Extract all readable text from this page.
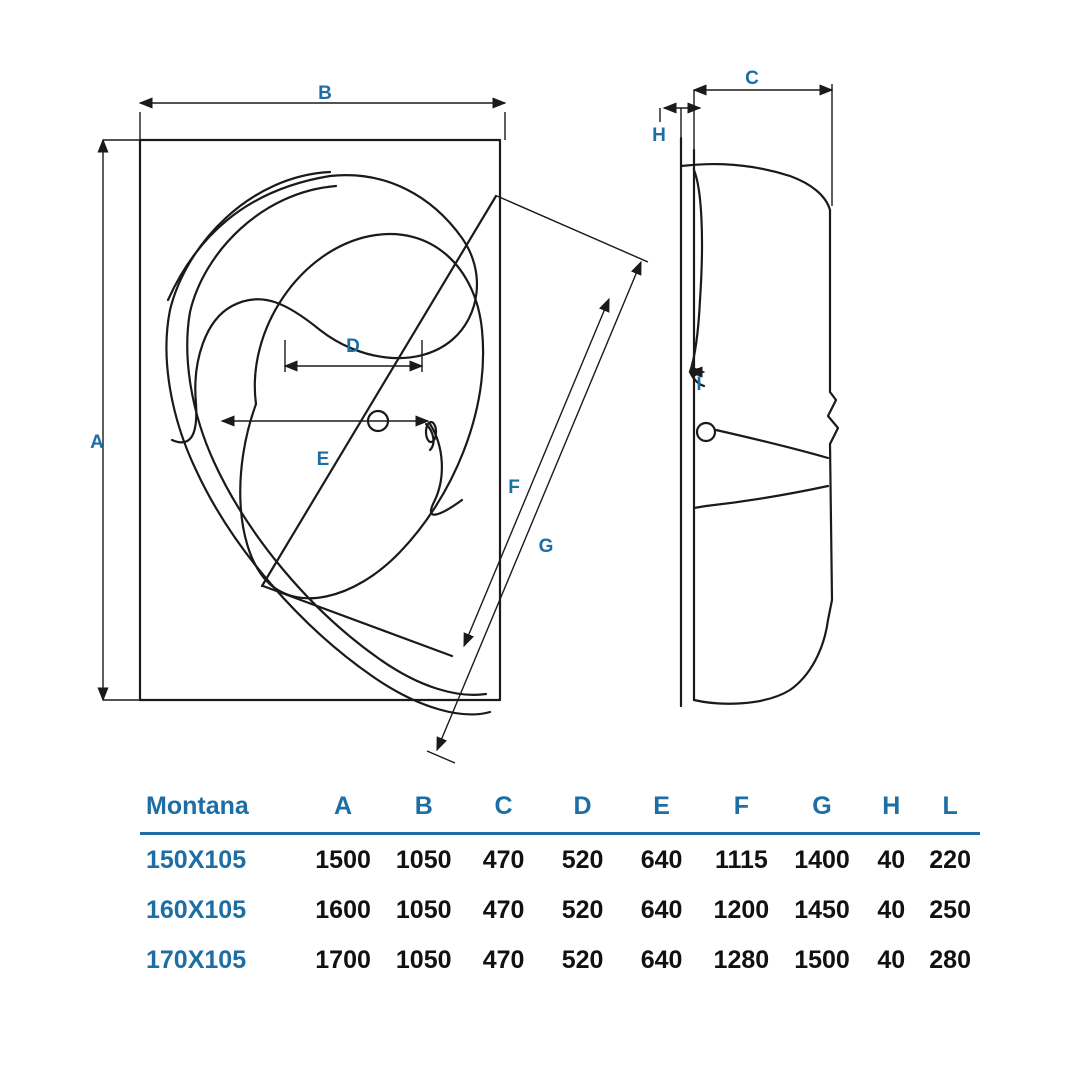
B
A
D
E
F
G
C
H
I
Montana	A	B	C	D	E	F	G	H	L
150X105	1500	1050	470	520	640	1115	1400	40	220
160X105	1600	1050	470	520	640	1200	1450	40	250
170X105	1700	1050	470	520	640	1280	1500	40	280
